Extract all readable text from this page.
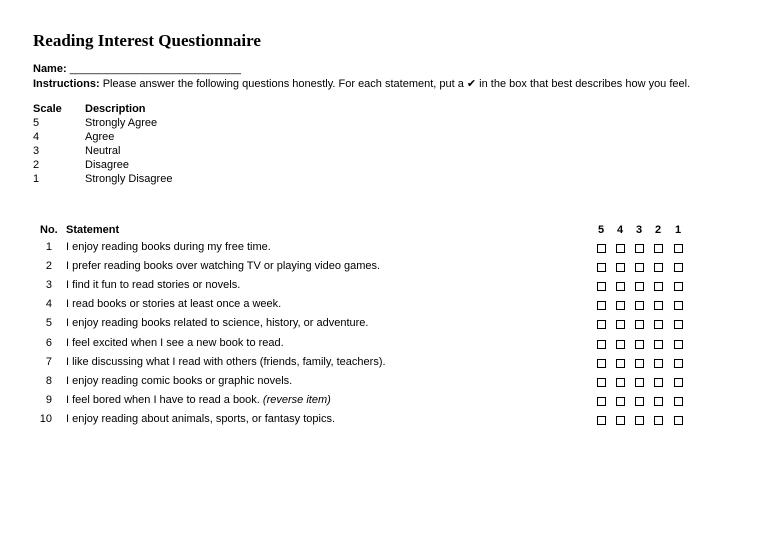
Reading Interest Questionnaire
Name: ____________________________
Instructions: Please answer the following questions honestly. For each statement, put a ✔ in the box that best describes how you feel.
Scale Description
5	Strongly Agree
4	Agree
3	Neutral
2	Disagree
1	Strongly Disagree
No. Statement	5	4	3	2	1
1 I enjoy reading books during my free time.
2 I prefer reading books over watching TV or playing video games.
3 I find it fun to read stories or novels.
4 I read books or stories at least once a week.
5 I enjoy reading books related to science, history, or adventure.
6 I feel excited when I see a new book to read.
7 I like discussing what I read with others (friends, family, teachers).
8 I enjoy reading comic books or graphic novels.
9 I feel bored when I have to read a book. (reverse item)
10 I enjoy reading about animals, sports, or fantasy topics.
